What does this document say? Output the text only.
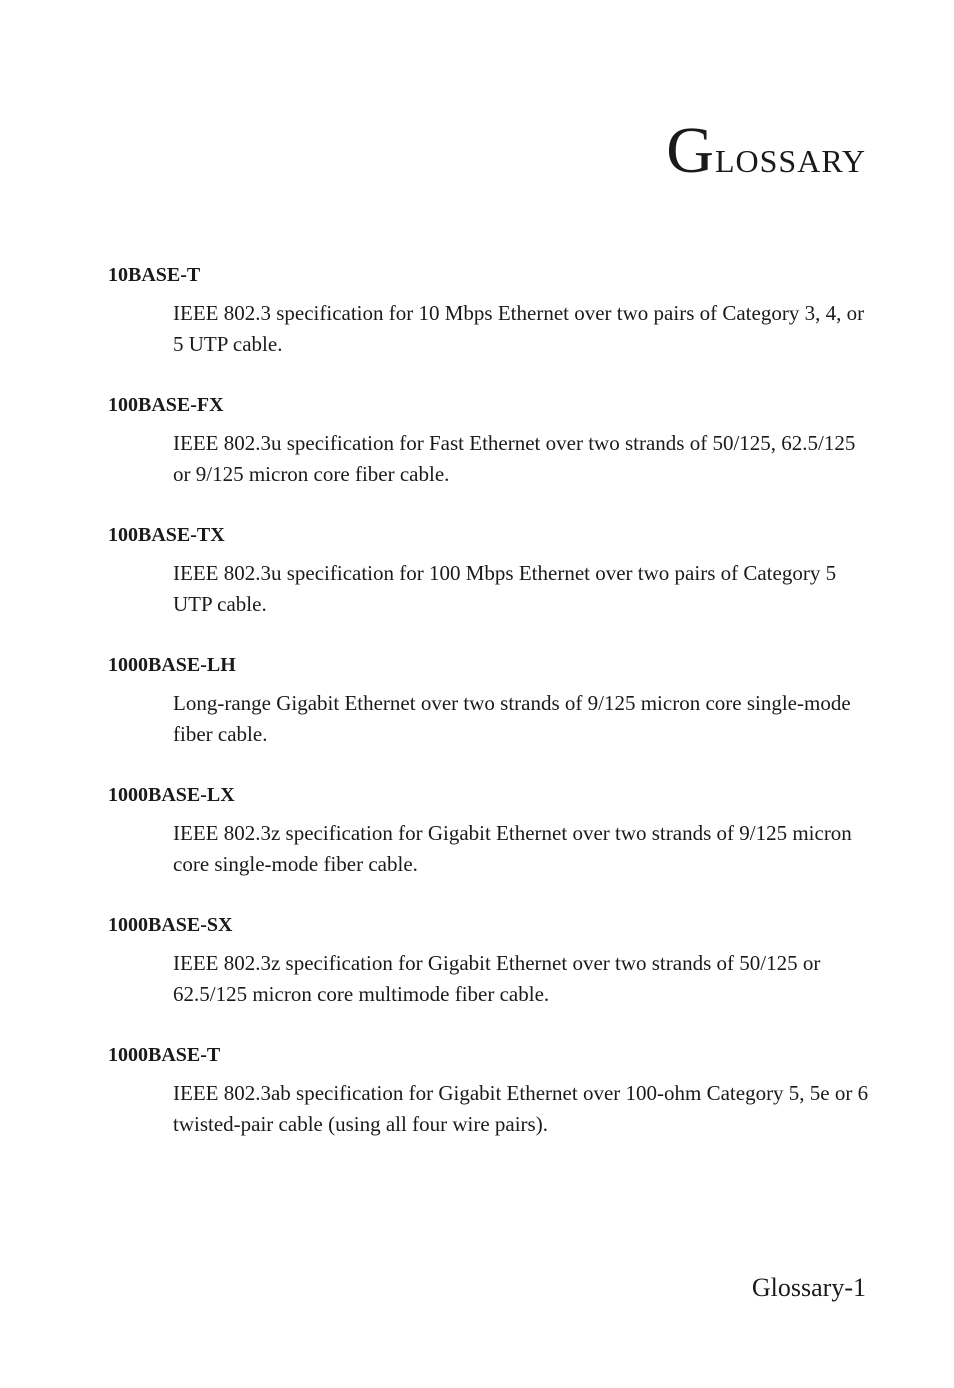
Glossary

10BASE-T

IEEE 802.3 specification for 10 Mbps Ethernet over two pairs of Category 3, 4, or 5 UTP cable.

100BASE-FX

IEEE 802.3u specification for Fast Ethernet over two strands of 50/125, 62.5/125 or 9/125 micron core fiber cable.

100BASE-TX

IEEE 802.3u specification for 100 Mbps Ethernet over two pairs of Category 5 UTP cable.

1000BASE-LH

Long-range Gigabit Ethernet over two strands of 9/125 micron core single-mode fiber cable.

1000BASE-LX

IEEE 802.3z specification for Gigabit Ethernet over two strands of 9/125 micron core single-mode fiber cable.

1000BASE-SX

IEEE 802.3z specification for Gigabit Ethernet over two strands of 50/125 or 62.5/125 micron core multimode fiber cable.

1000BASE-T

IEEE 802.3ab specification for Gigabit Ethernet over 100-ohm Category 5, 5e or 6 twisted-pair cable (using all four wire pairs).

Glossary-1
